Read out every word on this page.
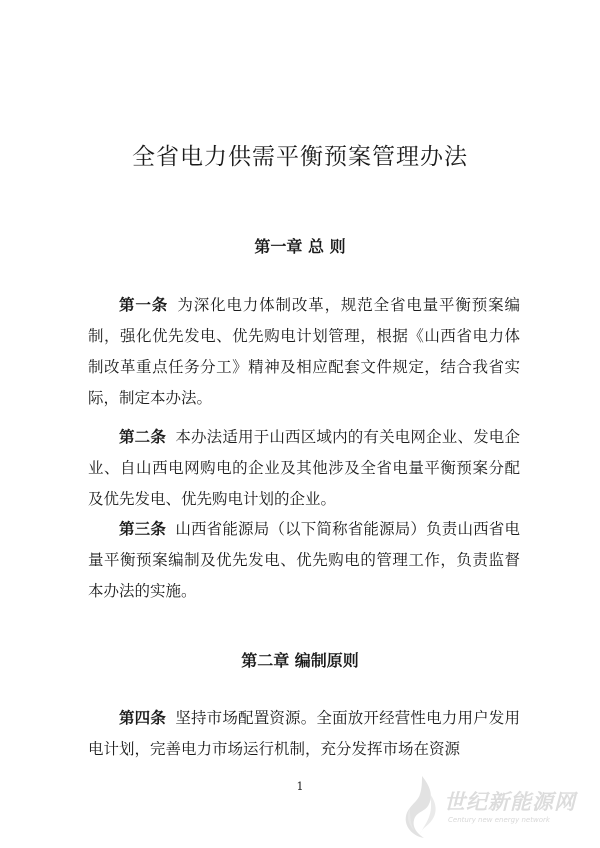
全省电力供需平衡预案管理办法
第一章 总 则

第一条 为深化电力体制改革，规范全省电量平衡预案编制，强化优先发电、优先购电计划管理，根据《山西省电力体制改革重点任务分工》精神及相应配套文件规定，结合我省实际，制定本办法。

第二条 本办法适用于山西区域内的有关电网企业、发电企业、自山西电网购电的企业及其他涉及全省电量平衡预案分配及优先发电、优先购电计划的企业。

第三条 山西省能源局（以下简称省能源局）负责山西省电量平衡预案编制及优先发电、优先购电的管理工作，负责监督本办法的实施。

第二章 编制原则

第四条 坚持市场配置资源。全面放开经营性电力用户发用电计划，完善电力市场运行机制，充分发挥市场在资源

1
世纪新能源网
Century new energy network
